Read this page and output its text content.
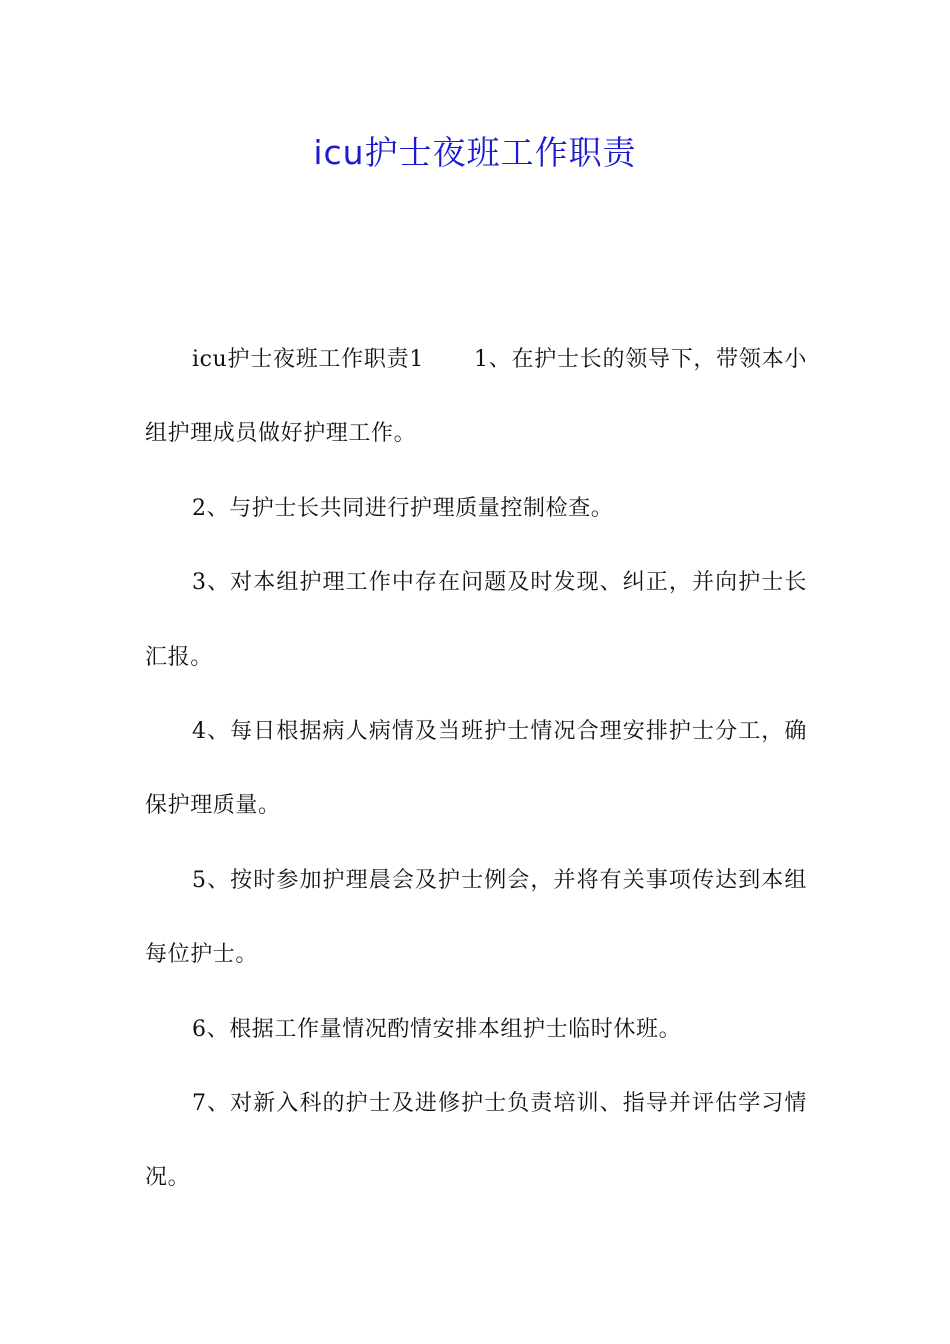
icu护士夜班工作职责

icu护士夜班工作职责1 1、在护士长的领导下，带领本小组护理成员做好护理工作。

2、与护士长共同进行护理质量控制检查。

3、对本组护理工作中存在问题及时发现、纠正，并向护士长汇报。

4、每日根据病人病情及当班护士情况合理安排护士分工，确保护理质量。

5、按时参加护理晨会及护士例会，并将有关事项传达到本组每位护士。

6、根据工作量情况酌情安排本组护士临时休班。

7、对新入科的护士及进修护士负责培训、指导并评估学习情况。
